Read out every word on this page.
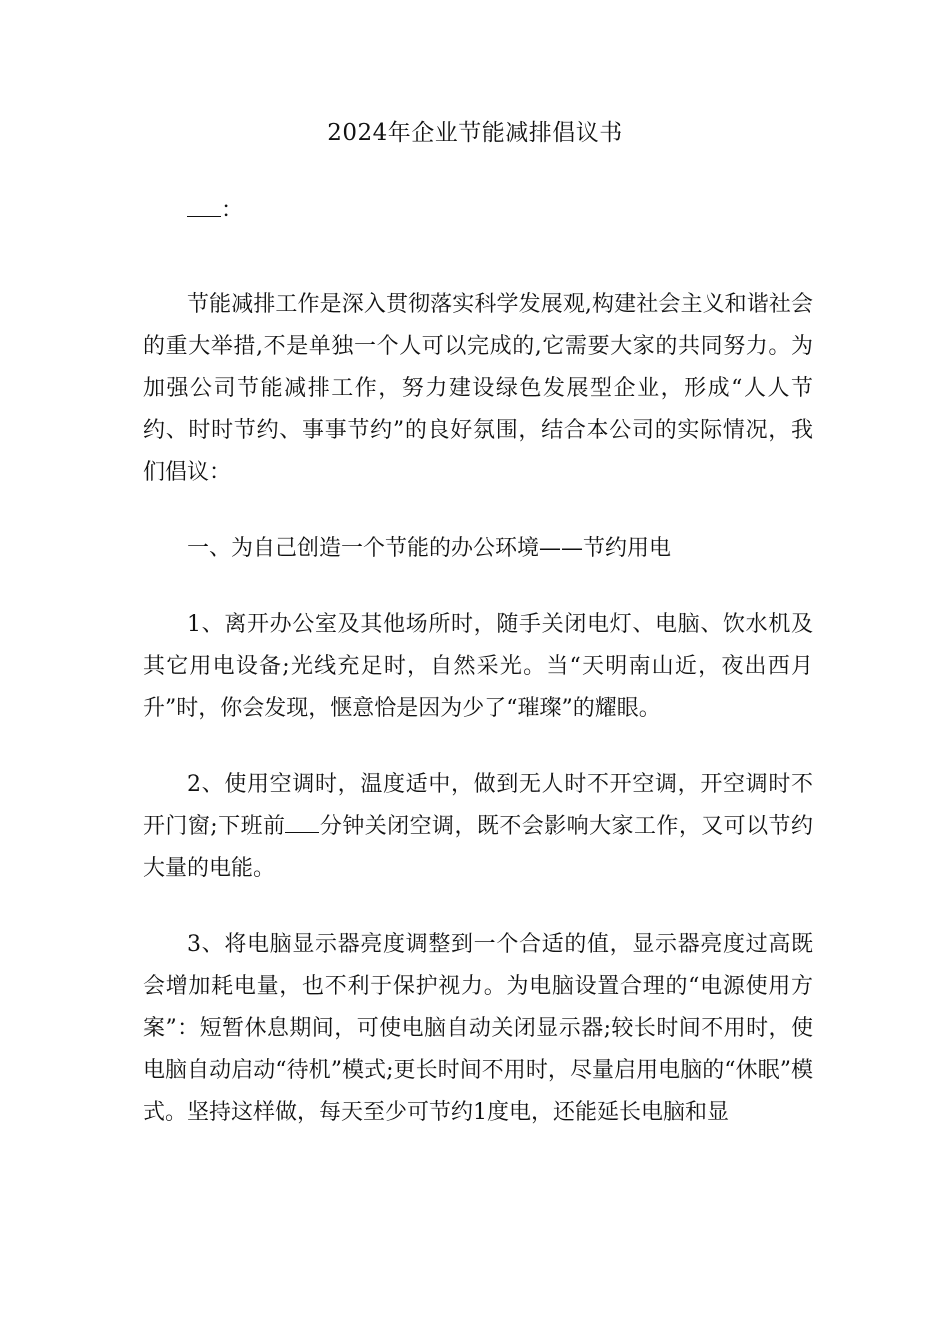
2024年企业节能减排倡议书

：

节能减排工作是深入贯彻落实科学发展观,构建社会主义和谐社会的重大举措,不是单独一个人可以完成的,它需要大家的共同努力。为加强公司节能减排工作，努力建设绿色发展型企业，形成“人人节约、时时节约、事事节约”的良好氛围，结合本公司的实际情况，我们倡议：

一、为自己创造一个节能的办公环境——节约用电

1、离开办公室及其他场所时，随手关闭电灯、电脑、饮水机及其它用电设备;光线充足时，自然采光。当“天明南山近，夜出西月升”时，你会发现，惬意恰是因为少了“璀璨”的耀眼。

2、使用空调时，温度适中，做到无人时不开空调，开空调时不开门窗;下班前 分钟关闭空调，既不会影响大家工作，又可以节约大量的电能。

3、将电脑显示器亮度调整到一个合适的值，显示器亮度过高既会增加耗电量，也不利于保护视力。为电脑设置合理的“电源使用方案”：短暂休息期间，可使电脑自动关闭显示器;较长时间不用时，使电脑自动启动“待机”模式;更长时间不用时，尽量启用电脑的“休眠”模式。坚持这样做，每天至少可节约1度电，还能延长电脑和显
